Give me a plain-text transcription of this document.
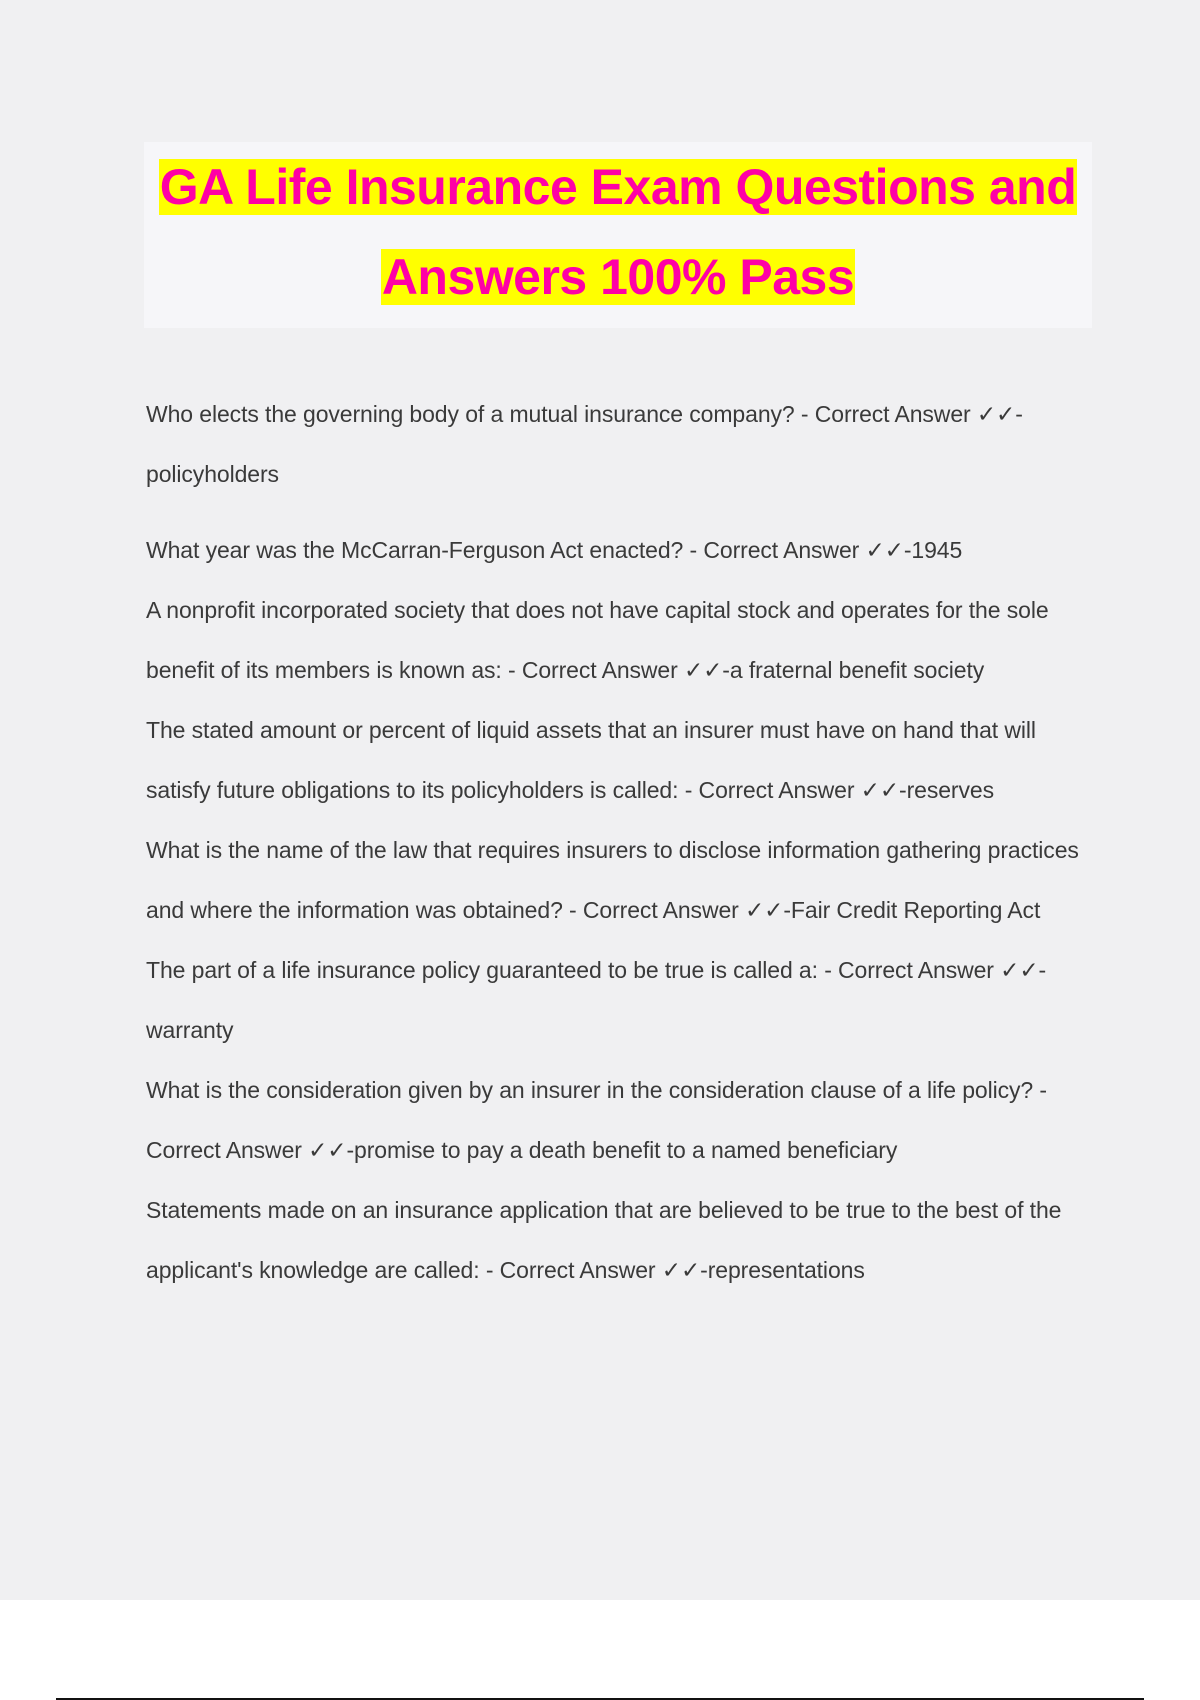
GA Life Insurance Exam Questions and

Answers 100% Pass

Who elects the governing body of a mutual insurance company? - Correct Answer ✓✓-policyholders

What year was the McCarran-Ferguson Act enacted? - Correct Answer ✓✓-1945

A nonprofit incorporated society that does not have capital stock and operates for the sole benefit of its members is known as: - Correct Answer ✓✓-a fraternal benefit society

The stated amount or percent of liquid assets that an insurer must have on hand that will satisfy future obligations to its policyholders is called: - Correct Answer ✓✓-reserves

What is the name of the law that requires insurers to disclose information gathering practices and where the information was obtained? - Correct Answer ✓✓-Fair Credit Reporting Act

The part of a life insurance policy guaranteed to be true is called a: - Correct Answer ✓✓-warranty

What is the consideration given by an insurer in the consideration clause of a life policy? - Correct Answer ✓✓-promise to pay a death benefit to a named beneficiary

Statements made on an insurance application that are believed to be true to the best of the applicant's knowledge are called: - Correct Answer ✓✓-representations
